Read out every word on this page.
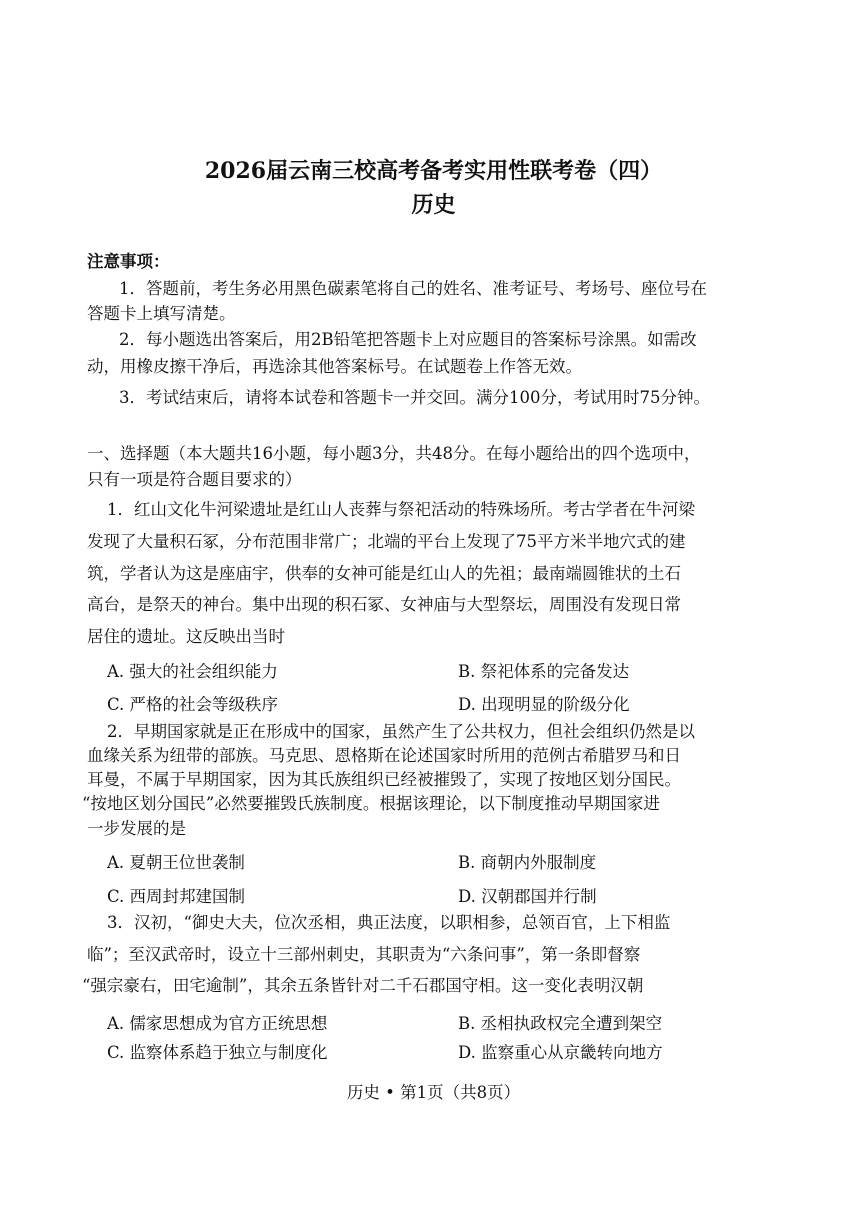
2026届云南三校高考备考实用性联考卷（四）
历史
注意事项：
1．答题前，考生务必用黑色碳素笔将自己的姓名、准考证号、考场号、座位号在
答题卡上填写清楚。
2．每小题选出答案后，用2B铅笔把答题卡上对应题目的答案标号涂黑。如需改
动，用橡皮擦干净后，再选涂其他答案标号。在试题卷上作答无效。
3．考试结束后，请将本试卷和答题卡一并交回。满分100分，考试用时75分钟。
一、选择题（本大题共16小题，每小题3分，共48分。在每小题给出的四个选项中，
只有一项是符合题目要求的）
1．红山文化牛河梁遗址是红山人丧葬与祭祀活动的特殊场所。考古学者在牛河梁
发现了大量积石冢，分布范围非常广；北端的平台上发现了75平方米半地穴式的建
筑，学者认为这是座庙宇，供奉的女神可能是红山人的先祖；最南端圆锥状的土石
高台，是祭天的神台。集中出现的积石冢、女神庙与大型祭坛，周围没有发现日常
居住的遗址。这反映出当时
A. 强大的社会组织能力	B. 祭祀体系的完备发达
C. 严格的社会等级秩序	D. 出现明显的阶级分化
2．早期国家就是正在形成中的国家，虽然产生了公共权力，但社会组织仍然是以
血缘关系为纽带的部族。马克思、恩格斯在论述国家时所用的范例古希腊罗马和日
耳曼，不属于早期国家，因为其氏族组织已经被摧毁了，实现了按地区划分国民。
“按地区划分国民”必然要摧毁氏族制度。根据该理论，以下制度推动早期国家进
一步发展的是
A. 夏朝王位世袭制	B. 商朝内外服制度
C. 西周封邦建国制	D. 汉朝郡国并行制
3．汉初，“御史大夫，位次丞相，典正法度，以职相参，总领百官，上下相监
临”；至汉武帝时，设立十三部州刺史，其职责为“六条问事”，第一条即督察
“强宗豪右，田宅逾制”，其余五条皆针对二千石郡国守相。这一变化表明汉朝
A. 儒家思想成为官方正统思想	B. 丞相执政权完全遭到架空
C. 监察体系趋于独立与制度化	D. 监察重心从京畿转向地方
历史 • 第1页（共8页）
